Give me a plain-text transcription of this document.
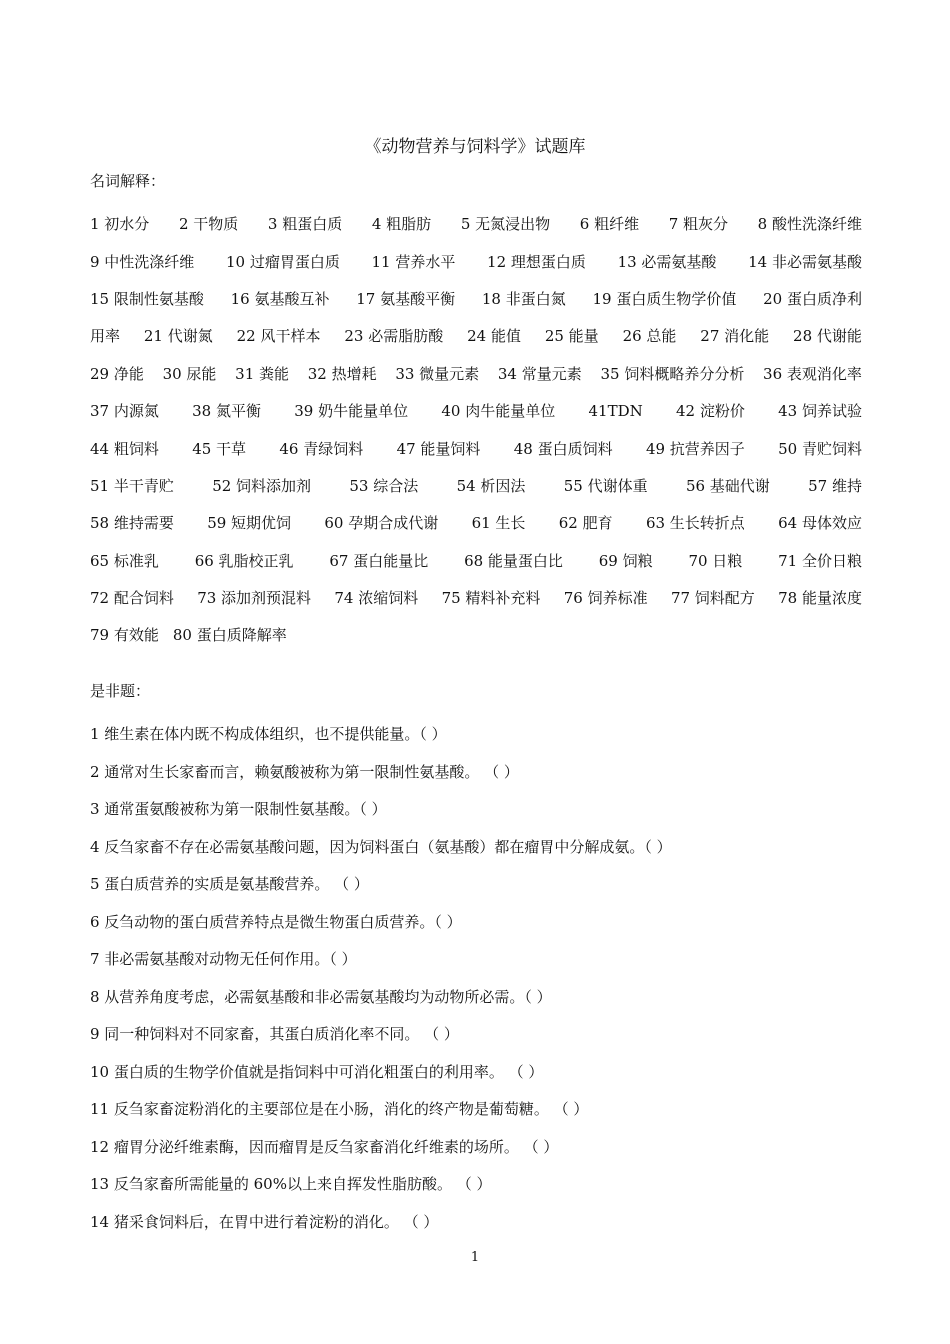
《动物营养与饲料学》试题库
名词解释：
1 初水分 2 干物质 3 粗蛋白质 4 粗脂肪 5 无氮浸出物 6 粗纤维 7 粗灰分 8 酸性洗涤纤维
9 中性洗涤纤维 10 过瘤胃蛋白质 11 营养水平 12 理想蛋白质 13 必需氨基酸 14 非必需氨基酸
15 限制性氨基酸 16 氨基酸互补 17 氨基酸平衡 18 非蛋白氮 19 蛋白质生物学价值 20 蛋白质净利
用率 21 代谢氮 22 风干样本 23 必需脂肪酸 24 能值 25 能量 26 总能 27 消化能 28 代谢能
29 净能 30 尿能 31 粪能 32 热增耗 33 微量元素 34 常量元素 35 饲料概略养分分析 36 表观消化率
37 内源氮 38 氮平衡 39 奶牛能量单位 40 肉牛能量单位 41TDN 42 淀粉价 43 饲养试验
44 粗饲料 45 干草 46 青绿饲料 47 能量饲料 48 蛋白质饲料 49 抗营养因子 50 青贮饲料
51 半干青贮	52 饲料添加剂	53 综合法	54 析因法	55 代谢体重	56 基础代谢	57 维持
58 维持需要 59 短期优饲 60 孕期合成代谢 61 生长 62 肥育 63 生长转折点 64 母体效应
65 标准乳 66 乳脂校正乳 67 蛋白能量比 68 能量蛋白比 69 饲粮 70 日粮 71 全价日粮
72 配合饲料 73 添加剂预混料 74 浓缩饲料 75 精料补充料 76 饲养标准 77 饲料配方 78 能量浓度
79 有效能 80 蛋白质降解率
是非题：
1 维生素在体内既不构成体组织，也不提供能量。（ ）
2 通常对生长家畜而言，赖氨酸被称为第一限制性氨基酸。 （ ）
3 通常蛋氨酸被称为第一限制性氨基酸。（ ）
4 反刍家畜不存在必需氨基酸问题，因为饲料蛋白（氨基酸）都在瘤胃中分解成氨。（ ）
5 蛋白质营养的实质是氨基酸营养。 （ ）
6 反刍动物的蛋白质营养特点是微生物蛋白质营养。（ ）
7 非必需氨基酸对动物无任何作用。（ ）
8 从营养角度考虑，必需氨基酸和非必需氨基酸均为动物所必需。（ ）
9 同一种饲料对不同家畜，其蛋白质消化率不同。 （ ）
10 蛋白质的生物学价值就是指饲料中可消化粗蛋白的利用率。 （ ）
11 反刍家畜淀粉消化的主要部位是在小肠，消化的终产物是葡萄糖。 （ ）
12 瘤胃分泌纤维素酶，因而瘤胃是反刍家畜消化纤维素的场所。 （ ）
13 反刍家畜所需能量的 60%以上来自挥发性脂肪酸。 （ ）
14 猪采食饲料后，在胃中进行着淀粉的消化。 （ ）
1
